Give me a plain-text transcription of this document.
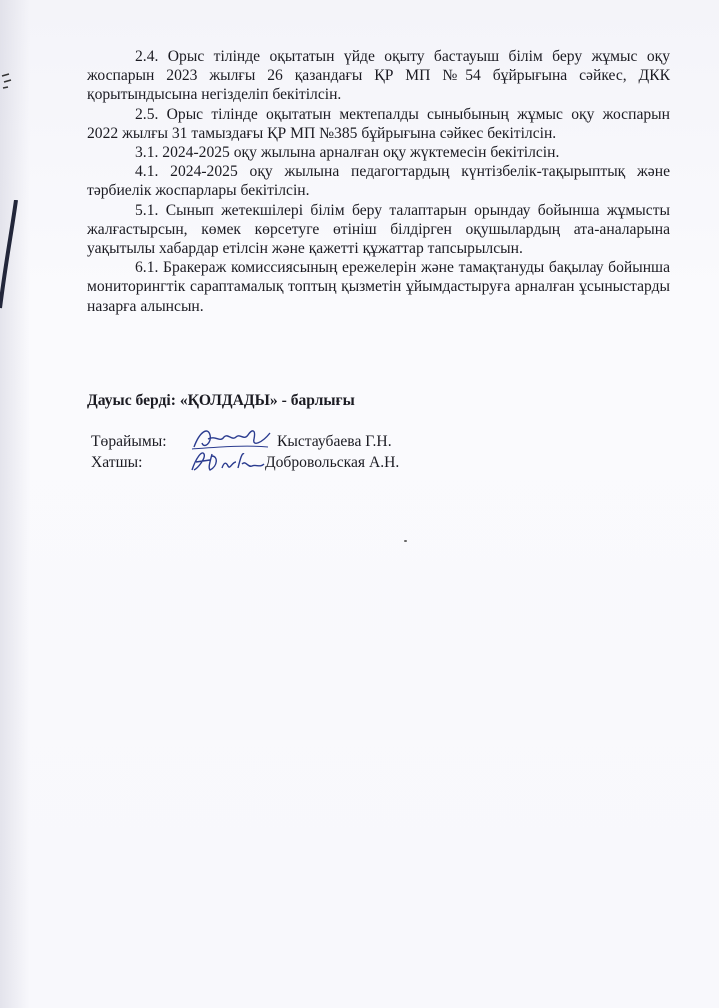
2.4. Орыс тілінде оқытатын үйде оқыту бастауыш білім беру жұмыс оқу жоспарын 2023 жылғы 26 қазандағы ҚР МП №54 бұйрығына сәйкес, ДКК қорытындысына негізделіп бекітілсін.

2.5. Орыс тілінде оқытатын мектепалды сыныбының жұмыс оқу жоспарын 2022 жылғы 31 тамыздағы ҚР МП №385 бұйрығына сәйкес бекітілсін.

3.1. 2024-2025 оқу жылына арналған оқу жүктемесін бекітілсін.

4.1. 2024-2025 оқу жылына педагогтардың күнтізбелік-тақырыптық және тәрбиелік жоспарлары бекітілсін.

5.1. Сынып жетекшілері білім беру талаптарын орындау бойынша жұмысты жалғастырсын, көмек көрсетуге өтініш білдірген оқушылардың ата-аналарына уақытылы хабардар етілсін және қажетті құжаттар тапсырылсын.

6.1. Бракераж комиссиясының ережелерін және тамақтануды бақылау бойынша мониторингтік сараптамалық топтың қызметін ұйымдастыруға арналған ұсыныстарды назарға алынсын.

Дауыс берді: «ҚОЛДАДЫ» - барлығы
Төрайымы:	Кыстаубаева Г.Н.
Хатшы:	Добровольская А.Н.
